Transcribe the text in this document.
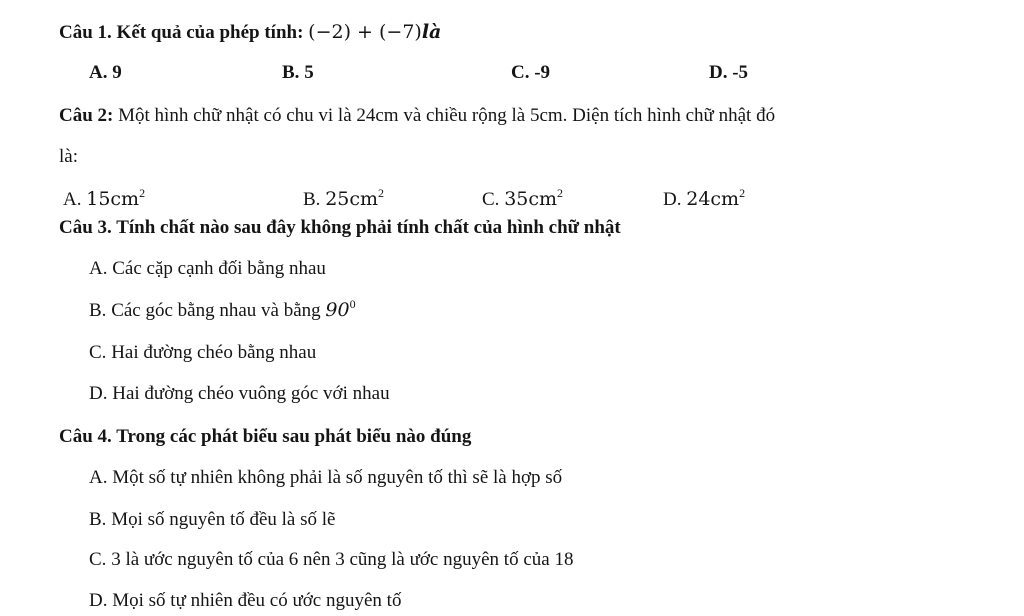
Câu 1. Kết quả của phép tính: (−2) + (−7)là
A. 9	B. 5	C. -9	D. -5
Câu 2: Một hình chữ nhật có chu vi là 24cm và chiều rộng là 5cm. Diện tích hình chữ nhật đó
là:
A. $15cm^2$	B. $25cm^2$	C. $35cm^2$	D. $24cm^2$
Câu 3. Tính chất nào sau đây không phải tính chất của hình chữ nhật
A. Các cặp cạnh đối bằng nhau
B. Các góc bằng nhau và bằng $90^0$
C. Hai đường chéo bằng nhau
D. Hai đường chéo vuông góc với nhau
Câu 4. Trong các phát biểu sau phát biểu nào đúng
A. Một số tự nhiên không phải là số nguyên tố thì sẽ là hợp số
B. Mọi số nguyên tố đều là số lẽ
C. 3 là ước nguyên tố của 6 nên 3 cũng là ước nguyên tố của 18
D. Mọi số tự nhiên đều có ước nguyên tố
